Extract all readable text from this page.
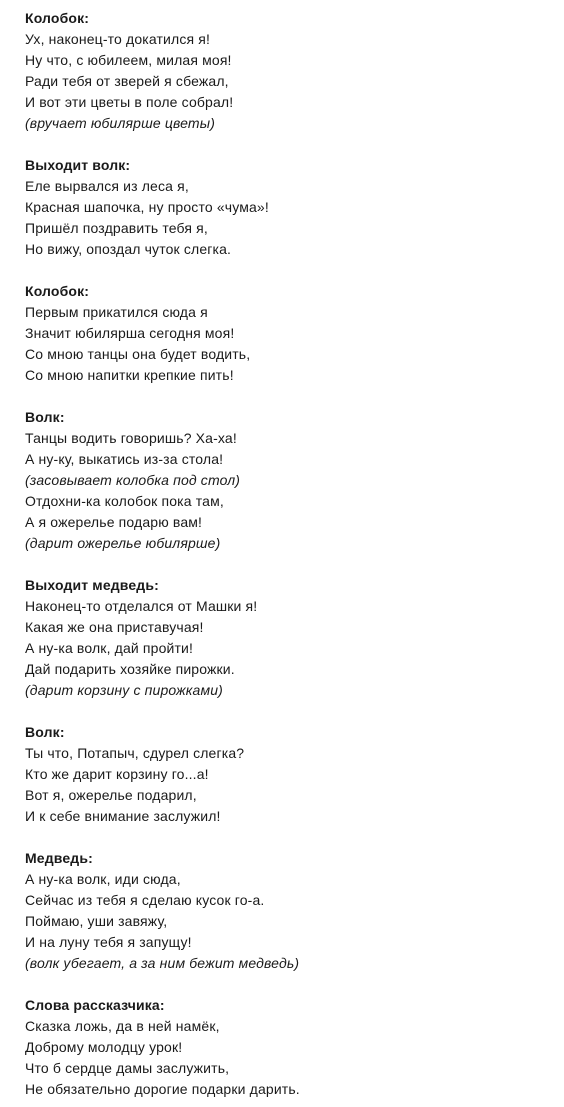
Колобок:
Ух, наконец-то докатился я!
Ну что, с юбилеем, милая моя!
Ради тебя от зверей я сбежал,
И вот эти цветы в поле собрал!
(вручает юбилярше цветы)
Выходит волк:
Еле вырвался из леса я,
Красная шапочка, ну просто «чума»!
Пришёл поздравить тебя я,
Но вижу, опоздал чуток слегка.
Колобок:
Первым прикатился сюда я
Значит юбилярша сегодня моя!
Со мною танцы она будет водить,
Со мною напитки крепкие пить!
Волк:
Танцы водить говоришь? Ха-ха!
А ну-ку, выкатись из-за стола!
(засовывает колобка под стол)
Отдохни-ка колобок пока там,
А я ожерелье подарю вам!
(дарит ожерелье юбилярше)
Выходит медведь:
Наконец-то отделался от Машки я!
Какая же она приставучая!
А ну-ка волк, дай пройти!
Дай подарить хозяйке пирожки.
(дарит корзину с пирожками)
Волк:
Ты что, Потапыч, сдурел слегка?
Кто же дарит корзину го...а!
Вот я, ожерелье подарил,
И к себе внимание заслужил!
Медведь:
А ну-ка волк, иди сюда,
Сейчас из тебя я сделаю кусок го-а.
Поймаю, уши завяжу,
И на луну тебя я запущу!
(волк убегает, а за ним бежит медведь)
Слова рассказчика:
Сказка ложь, да в ней намёк,
Доброму молодцу урок!
Что б сердце дамы заслужить,
Не обязательно дорогие подарки дарить.
